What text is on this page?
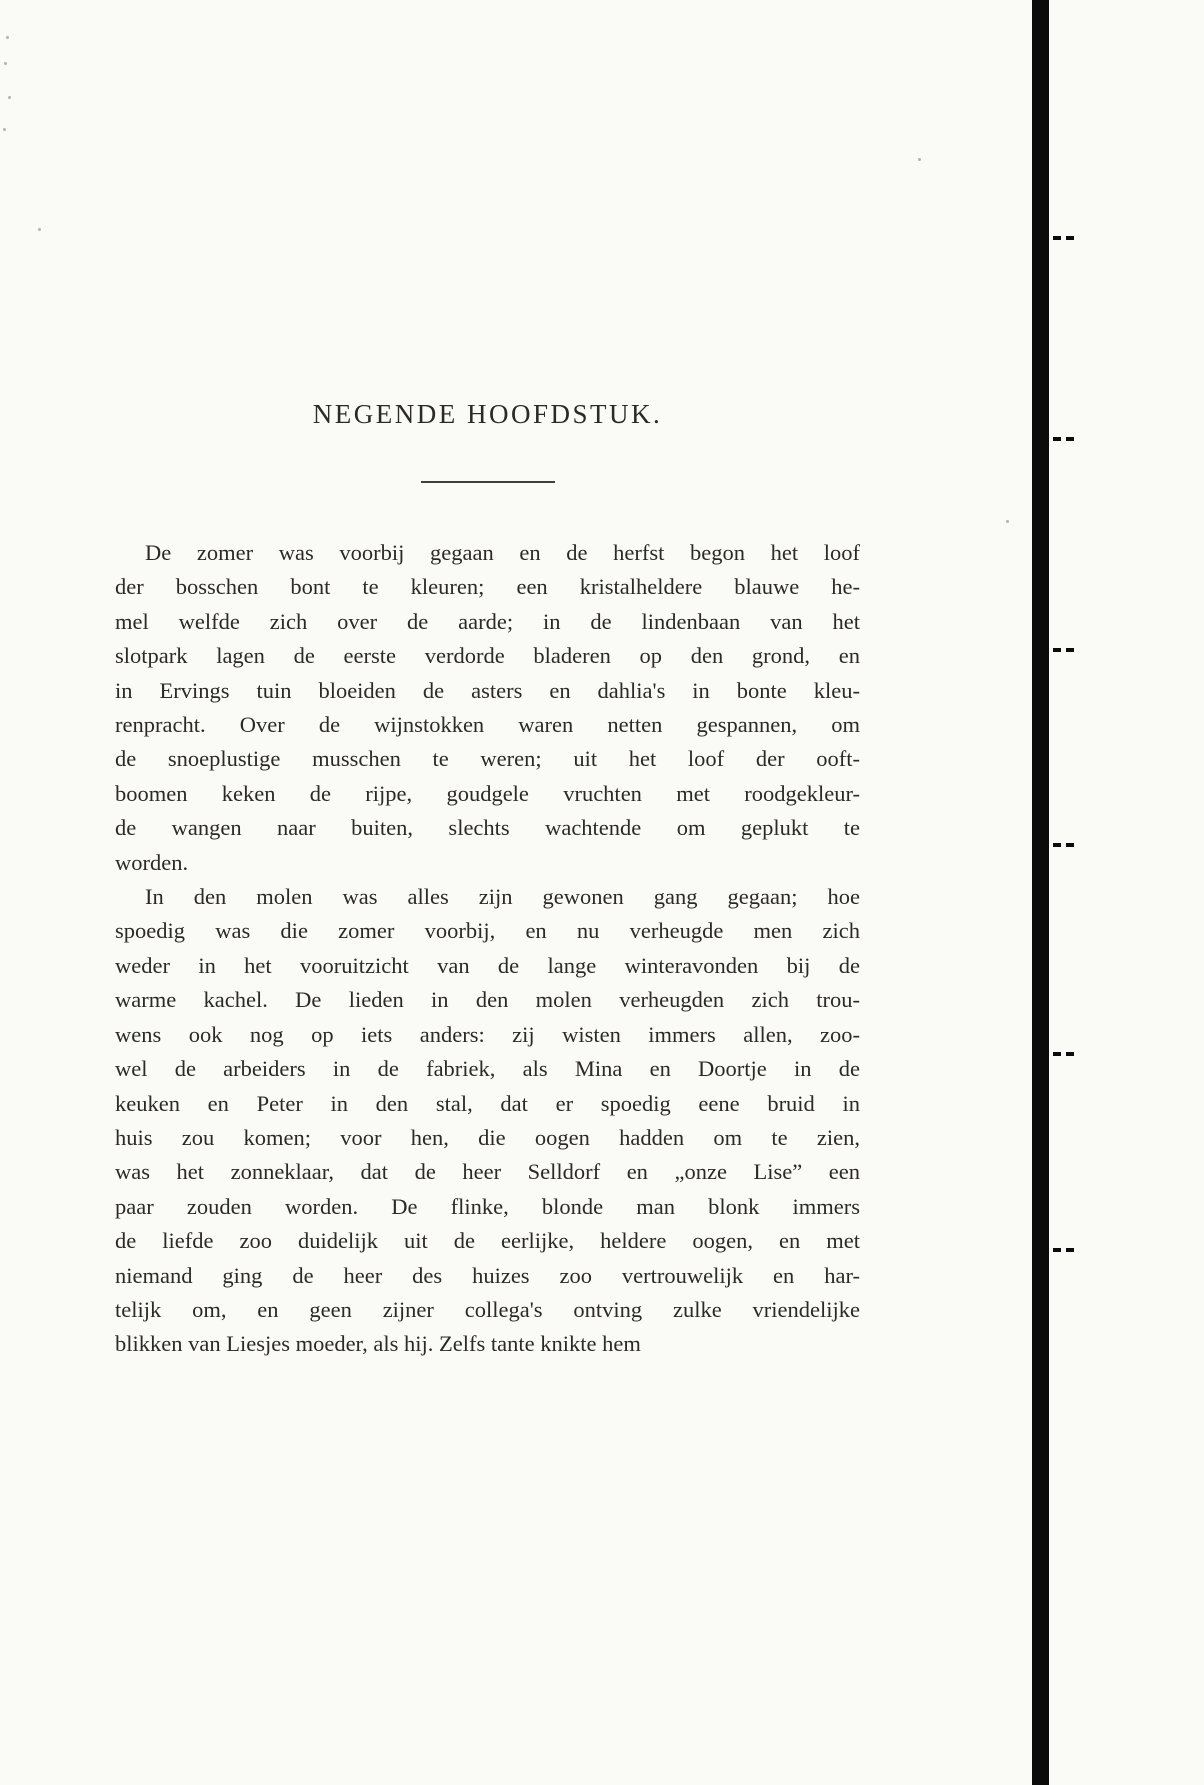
NEGENDE HOOFDSTUK.
De zomer was voorbij gegaan en de herfst begon het loof
der bosschen bont te kleuren; een kristalheldere blauwe he-
mel welfde zich over de aarde; in de lindenbaan van het
slotpark lagen de eerste verdorde bladeren op den grond, en
in Ervings tuin bloeiden de asters en dahlia's in bonte kleu-
renpracht. Over de wijnstokken waren netten gespannen, om
de snoeplustige musschen te weren; uit het loof der ooft-
boomen keken de rijpe, goudgele vruchten met roodgekleur-
de wangen naar buiten, slechts wachtende om geplukt te
worden.
In den molen was alles zijn gewonen gang gegaan; hoe
spoedig was die zomer voorbij, en nu verheugde men zich
weder in het vooruitzicht van de lange winteravonden bij de
warme kachel. De lieden in den molen verheugden zich trou-
wens ook nog op iets anders: zij wisten immers allen, zoo-
wel de arbeiders in de fabriek, als Mina en Doortje in de
keuken en Peter in den stal, dat er spoedig eene bruid in
huis zou komen; voor hen, die oogen hadden om te zien,
was het zonneklaar, dat de heer Selldorf en „onze Lise” een
paar zouden worden. De flinke, blonde man blonk immers
de liefde zoo duidelijk uit de eerlijke, heldere oogen, en met
niemand ging de heer des huizes zoo vertrouwelijk en har-
telijk om, en geen zijner collega's ontving zulke vriendelijke
blikken van Liesjes moeder, als hij. Zelfs tante knikte hem
